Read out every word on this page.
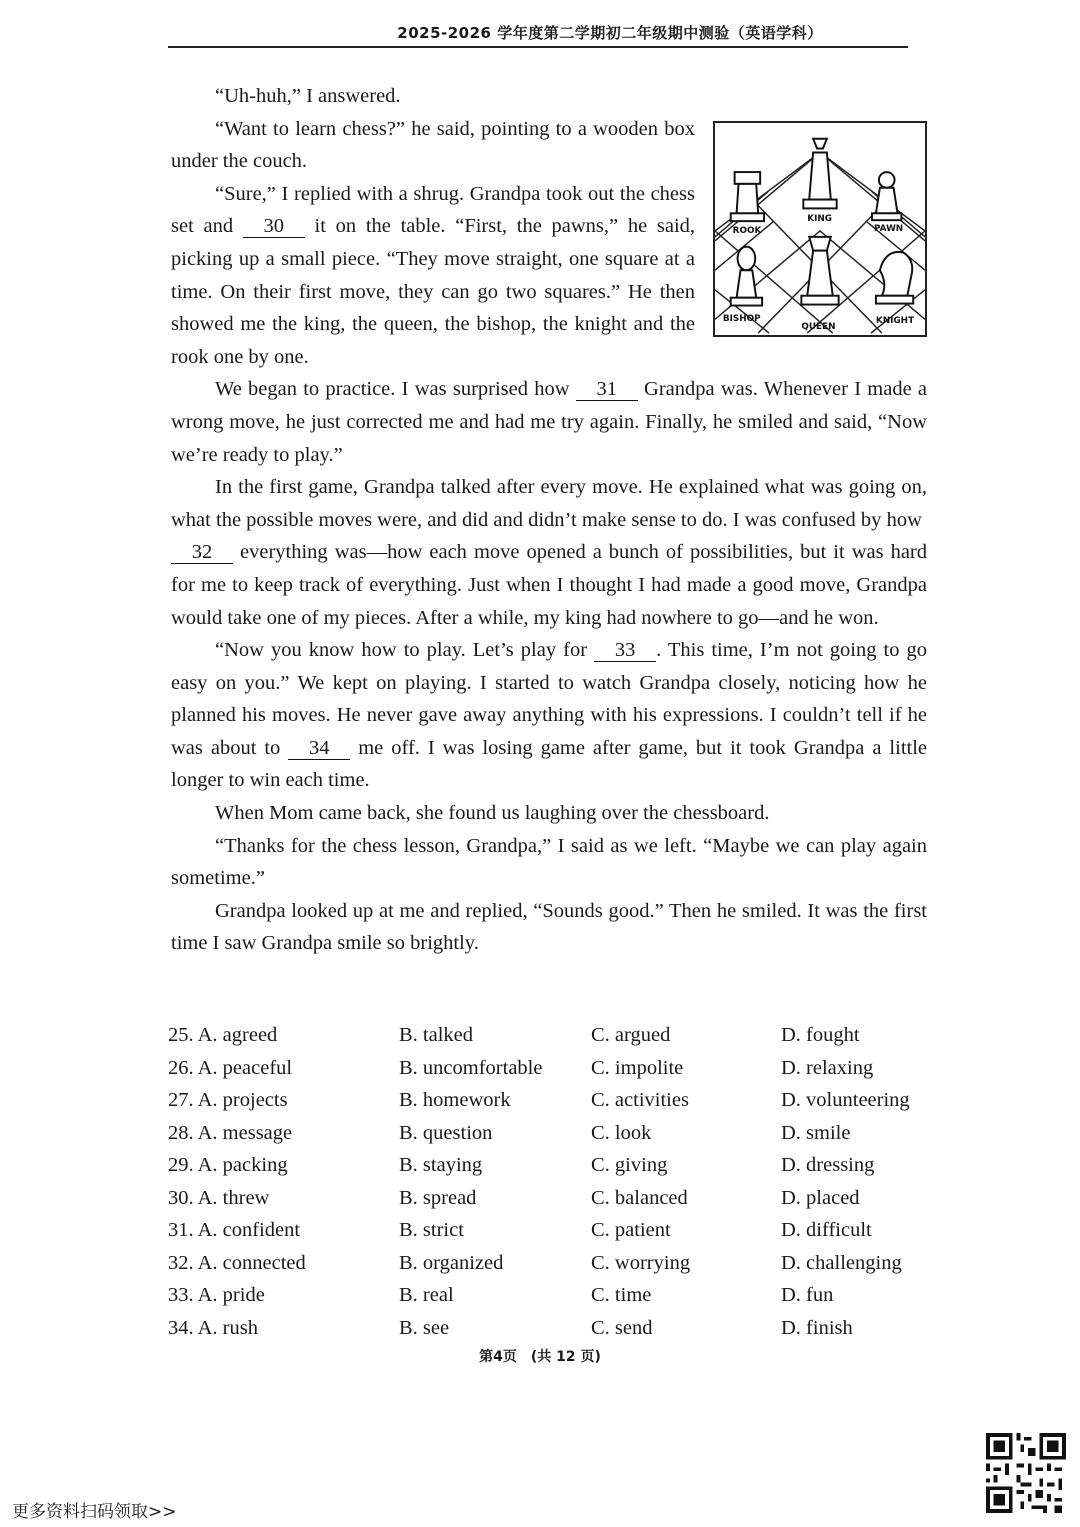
2025-2026 学年度第二学期初二年级期中测验（英语学科）

“Uh-huh,” I answered.

ROOK
KING
PAWN
BISHOP
QUEEN
KNIGHT

“Want to learn chess?” he said, pointing to a wooden box under the couch.

“Sure,” I replied with a shrug. Grandpa took out the chess set and 30 it on the table. “First, the pawns,” he said, picking up a small piece. “They move straight, one square at a time. On their first move, they can go two squares.” He then showed me the king, the queen, the bishop, the knight and the rook one by one.

We began to practice. I was surprised how 31 Grandpa was. Whenever I made a wrong move, he just corrected me and had me try again. Finally, he smiled and said, “Now we’re ready to play.”

In the first game, Grandpa talked after every move. He explained what was going on, what the possible moves were, and did and didn’t make sense to do. I was confused by how 32 everything was—how each move opened a bunch of possibilities, but it was hard for me to keep track of everything. Just when I thought I had made a good move, Grandpa would take one of my pieces. After a while, my king had nowhere to go—and he won.

“Now you know how to play. Let’s play for 33 . This time, I’m not going to go easy on you.” We kept on playing. I started to watch Grandpa closely, noticing how he planned his moves. He never gave away anything with his expressions. I couldn’t tell if he was about to 34 me off. I was losing game after game, but it took Grandpa a little longer to win each time.

When Mom came back, she found us laughing over the chessboard.

“Thanks for the chess lesson, Grandpa,” I said as we left. “Maybe we can play again sometime.”

Grandpa looked up at me and replied, “Sounds good.” Then he smiled. It was the first time I saw Grandpa smile so brightly.

25. A. agreed	B. talked	C. argued	D. fought
26. A. peaceful	B. uncomfortable C. impolite	D. relaxing
27. A. projects	B. homework	C. activities	D. volunteering
28. A. message	B. question	C. look	D. smile
29. A. packing	B. staying	C. giving	D. dressing
30. A. threw	B. spread	C. balanced	D. placed
31. A. confident	B. strict	C. patient	D. difficult
32. A. connected	B. organized	C. worrying	D. challenging
33. A. pride	B. real	C. time	D. fun
34. A. rush	B. see	C. send	D. finish
第4页　(共 12 页)
更多资料扫码领取>>
